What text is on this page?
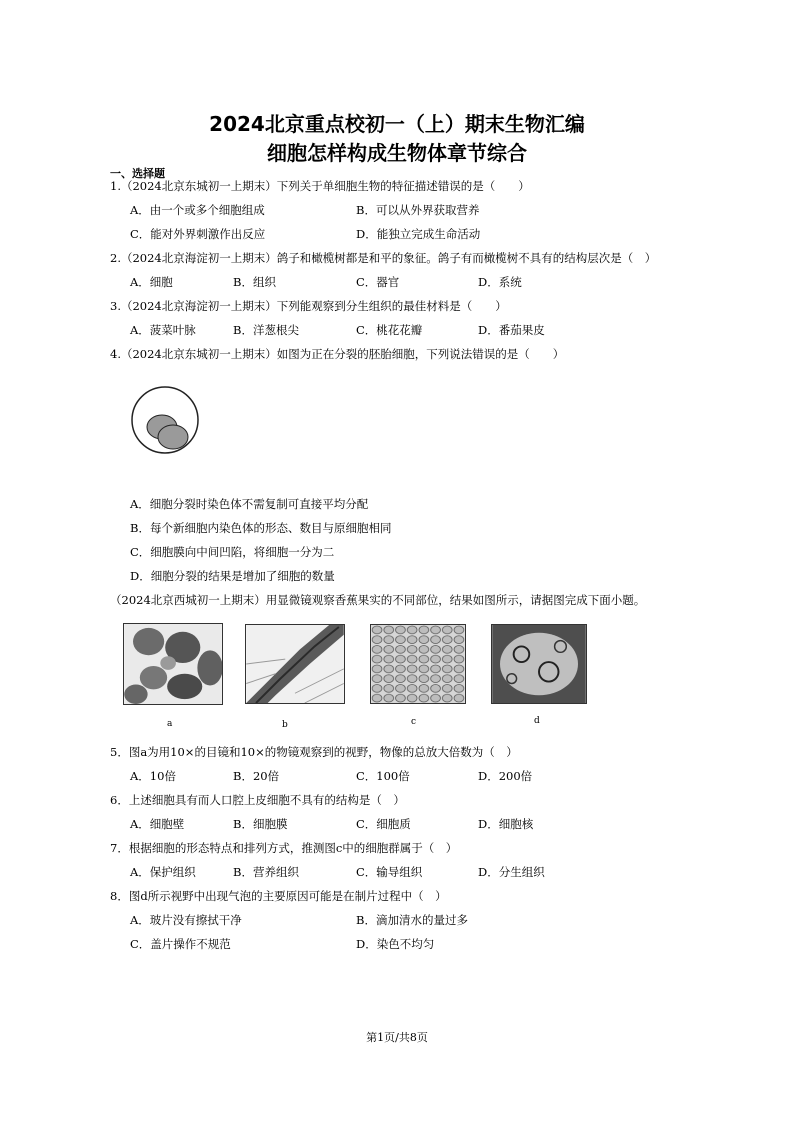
2024北京重点校初一（上）期末生物汇编
细胞怎样构成生物体章节综合
一、选择题
1.（2024北京东城初一上期末）下列关于单细胞生物的特征描述错误的是（　　）
A．由一个或多个细胞组成	B．可以从外界获取营养
C．能对外界刺激作出反应	D．能独立完成生命活动
2.（2024北京海淀初一上期末）鸽子和橄榄树都是和平的象征。鸽子有而橄榄树不具有的结构层次是（　）
A．细胞	B．组织	C．器官	D．系统
3.（2024北京海淀初一上期末）下列能观察到分生组织的最佳材料是（　　）
A．菠菜叶脉	B．洋葱根尖	C．桃花花瓣	D．番茄果皮
4.（2024北京东城初一上期末）如图为正在分裂的胚胎细胞，下列说法错误的是（　　）
A．细胞分裂时染色体不需复制可直接平均分配
B．每个新细胞内染色体的形态、数目与原细胞相同
C．细胞膜向中间凹陷，将细胞一分为二
D．细胞分裂的结果是增加了细胞的数量
（2024北京西城初一上期末）用显微镜观察香蕉果实的不同部位，结果如图所示，请据图完成下面小题。
a	b	c	d
5．图a为用10×的目镜和10×的物镜观察到的视野，物像的总放大倍数为（　）
A．10倍	B．20倍	C．100倍	D．200倍
6．上述细胞具有而人口腔上皮细胞不具有的结构是（　）
A．细胞壁	B．细胞膜	C．细胞质	D．细胞核
7．根据细胞的形态特点和排列方式，推测图c中的细胞群属于（　）
A．保护组织	B．营养组织	C．输导组织	D．分生组织
8．图d所示视野中出现气泡的主要原因可能是在制片过程中（　）
A．玻片没有擦拭干净	B．滴加清水的量过多
C．盖片操作不规范	D．染色不均匀
第1页/共8页
